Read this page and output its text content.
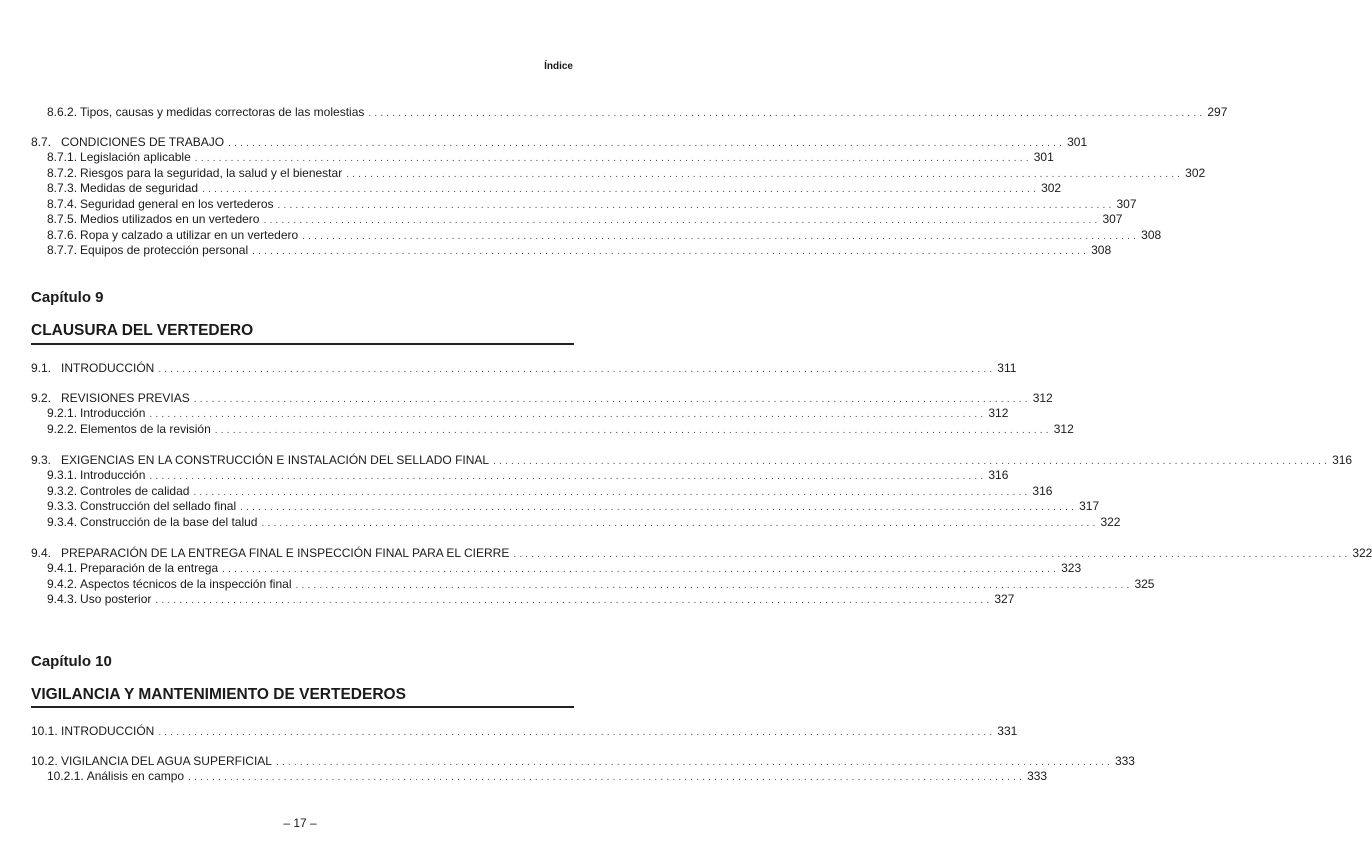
Índice
8.6.2. Tipos, causas y medidas correctoras de las molestias ............................................................................................................................................ 297
8.7. CONDICIONES DE TRABAJO ............................................................................................................................................ 301
8.7.1. Legislación aplicable ............................................................................................................................................ 301
8.7.2. Riesgos para la seguridad, la salud y el bienestar ............................................................................................................................................ 302
8.7.3. Medidas de seguridad ............................................................................................................................................ 302
8.7.4. Seguridad general en los vertederos ............................................................................................................................................ 307
8.7.5. Medios utilizados en un vertedero ............................................................................................................................................ 307
8.7.6. Ropa y calzado a utilizar en un vertedero ............................................................................................................................................ 308
8.7.7. Equipos de protección personal ............................................................................................................................................ 308
Capítulo 9
CLAUSURA DEL VERTEDERO
9.1. INTRODUCCIÓN ............................................................................................................................................ 311
9.2. REVISIONES PREVIAS ............................................................................................................................................ 312
9.2.1. Introducción ............................................................................................................................................ 312
9.2.2. Elementos de la revisión ............................................................................................................................................ 312
9.3. EXIGENCIAS EN LA CONSTRUCCIÓN E INSTALACIÓN DEL SELLADO FINAL ............................................................................................................................................ 316
9.3.1. Introducción ............................................................................................................................................ 316
9.3.2. Controles de calidad ............................................................................................................................................ 316
9.3.3. Construcción del sellado final ............................................................................................................................................ 317
9.3.4. Construcción de la base del talud ............................................................................................................................................ 322
9.4. PREPARACIÓN DE LA ENTREGA FINAL E INSPECCIÓN FINAL PARA EL CIERRE ............................................................................................................................................ 322
9.4.1. Preparación de la entrega ............................................................................................................................................ 323
9.4.2. Aspectos técnicos de la inspección final ............................................................................................................................................ 325
9.4.3. Uso posterior ............................................................................................................................................ 327
Capítulo 10
VIGILANCIA Y MANTENIMIENTO DE VERTEDEROS
10.1. INTRODUCCIÓN ............................................................................................................................................ 331
10.2. VIGILANCIA DEL AGUA SUPERFICIAL ............................................................................................................................................ 333
10.2.1. Análisis en campo ............................................................................................................................................ 333
– 17 –
